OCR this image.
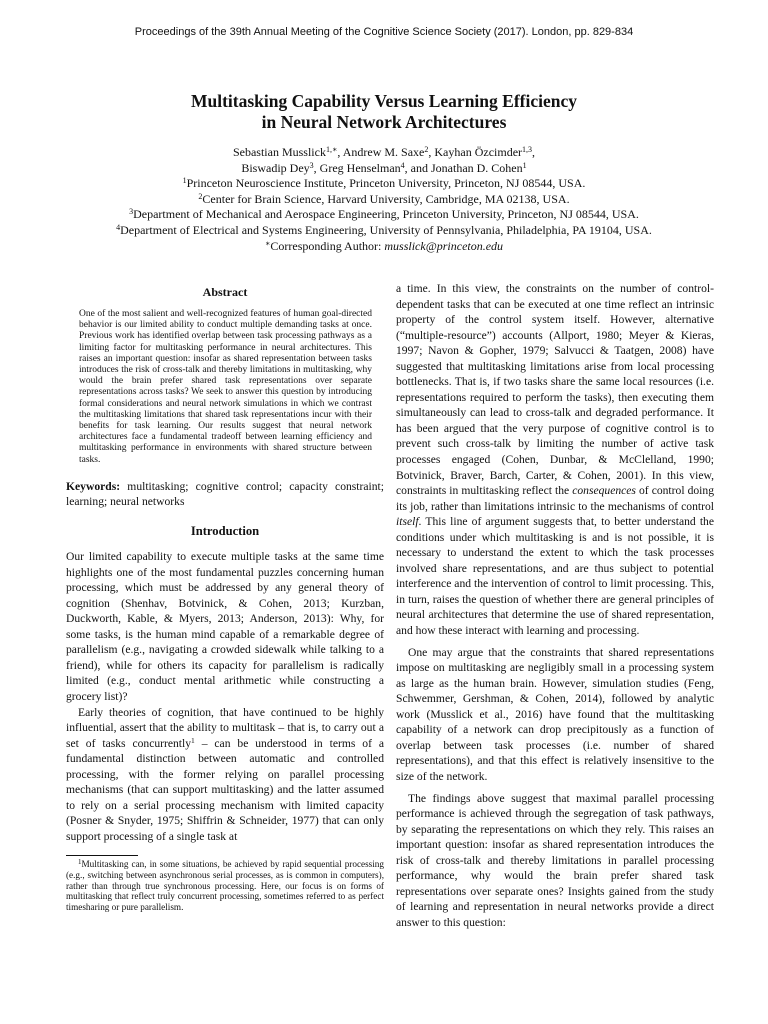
Proceedings of the 39th Annual Meeting of the Cognitive Science Society (2017). London, pp. 829-834
Multitasking Capability Versus Learning Efficiency
in Neural Network Architectures
Sebastian Musslick$^{1,∗}$, Andrew M. Saxe$^2$, Kayhan Özcimder$^{1,3}$,
Biswadip Dey$^3$, Greg Henselman$^4$, and Jonathan D. Cohen$^1$
$^1$Princeton Neuroscience Institute, Princeton University, Princeton, NJ 08544, USA.
$^2$Center for Brain Science, Harvard University, Cambridge, MA 02138, USA.
$^3$Department of Mechanical and Aerospace Engineering, Princeton University, Princeton, NJ 08544, USA.
$^4$Department of Electrical and Systems Engineering, University of Pennsylvania, Philadelphia, PA 19104, USA.
∗Corresponding Author: musslick@princeton.edu
Abstract

One of the most salient and well-recognized features of human goal-directed behavior is our limited ability to conduct multiple demanding tasks at once. Previous work has identified overlap between task processing pathways as a limiting factor for multitasking performance in neural architectures. This raises an important question: insofar as shared representation between tasks introduces the risk of cross-talk and thereby limitations in multitasking, why would the brain prefer shared task representations over separate representations across tasks? We seek to answer this question by introducing formal considerations and neural network simulations in which we contrast the multitasking limitations that shared task representations incur with their benefits for task learning. Our results suggest that neural network architectures face a fundamental tradeoff between learning efficiency and multitasking performance in environments with shared structure between tasks.

Keywords: multitasking; cognitive control; capacity constraint; learning; neural networks

Introduction

Our limited capability to execute multiple tasks at the same time highlights one of the most fundamental puzzles concerning human processing, which must be addressed by any general theory of cognition (Shenhav, Botvinick, & Cohen, 2013; Kurzban, Duckworth, Kable, & Myers, 2013; Anderson, 2013): Why, for some tasks, is the human mind capable of a remarkable degree of parallelism (e.g., navigating a crowded sidewalk while talking to a friend), while for others its capacity for parallelism is radically limited (e.g., conduct mental arithmetic while constructing a grocery list)?

Early theories of cognition, that have continued to be highly influential, assert that the ability to multitask – that is, to carry out a set of tasks concurrently$^1$ – can be understood in terms of a fundamental distinction between automatic and controlled processing, with the former relying on parallel processing mechanisms (that can support multitasking) and the latter assumed to rely on a serial processing mechanism with limited capacity (Posner & Snyder, 1975; Shiffrin & Schneider, 1977) that can only support processing of a single task at

$^1$Multitasking can, in some situations, be achieved by rapid sequential processing (e.g., switching between asynchronous serial processes, as is common in computers), rather than through true synchronous processing. Here, our focus is on forms of multitasking that reflect truly concurrent processing, sometimes referred to as perfect timesharing or pure parallelism.

a time. In this view, the constraints on the number of control-dependent tasks that can be executed at one time reflect an intrinsic property of the control system itself. However, alternative (“multiple-resource”) accounts (Allport, 1980; Meyer & Kieras, 1997; Navon & Gopher, 1979; Salvucci & Taatgen, 2008) have suggested that multitasking limitations arise from local processing bottlenecks. That is, if two tasks share the same local resources (i.e. representations required to perform the tasks), then executing them simultaneously can lead to cross-talk and degraded performance. It has been argued that the very purpose of cognitive control is to prevent such cross-talk by limiting the number of active task processes engaged (Cohen, Dunbar, & McClelland, 1990; Botvinick, Braver, Barch, Carter, & Cohen, 2001). In this view, constraints in multitasking reflect the consequences of control doing its job, rather than limitations intrinsic to the mechanisms of control itself. This line of argument suggests that, to better understand the conditions under which multitasking is and is not possible, it is necessary to understand the extent to which the task processes involved share representations, and are thus subject to potential interference and the intervention of control to limit processing. This, in turn, raises the question of whether there are general principles of neural architectures that determine the use of shared representation, and how these interact with learning and processing.

One may argue that the constraints that shared representations impose on multitasking are negligibly small in a processing system as large as the human brain. However, simulation studies (Feng, Schwemmer, Gershman, & Cohen, 2014), followed by analytic work (Musslick et al., 2016) have found that the multitasking capability of a network can drop precipitously as a function of overlap between task processes (i.e. number of shared representations), and that this effect is relatively insensitive to the size of the network.

The findings above suggest that maximal parallel processing performance is achieved through the segregation of task pathways, by separating the representations on which they rely. This raises an important question: insofar as shared representation introduces the risk of cross-talk and thereby limitations in parallel processing performance, why would the brain prefer shared task representations over separate ones? Insights gained from the study of learning and representation in neural networks provide a direct answer to this question:
